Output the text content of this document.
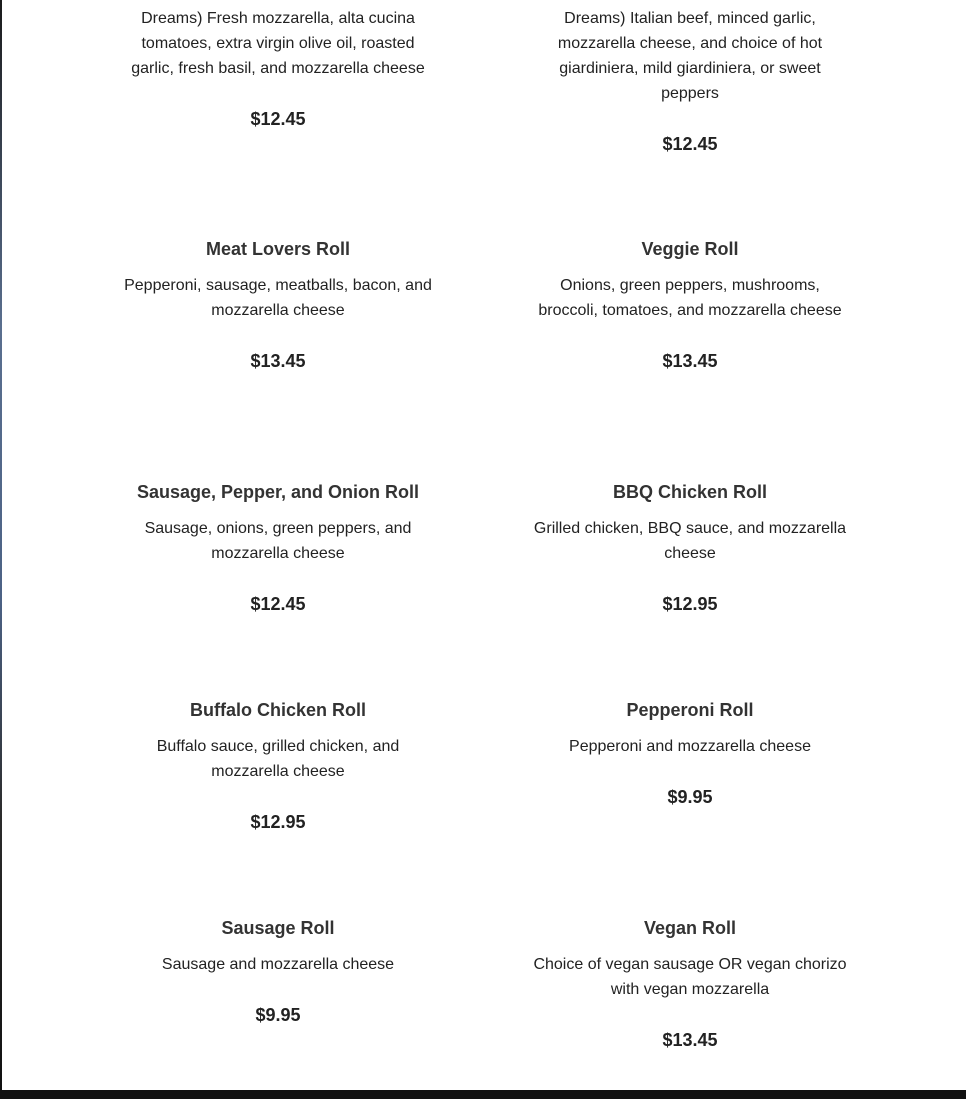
Dreams) Fresh mozzarella, alta cucina tomatoes, extra virgin olive oil, roasted garlic, fresh basil, and mozzarella cheese

$12.45

Dreams) Italian beef, minced garlic, mozzarella cheese, and choice of hot giardiniera, mild giardiniera, or sweet peppers

$12.45
Meat Lovers Roll

Pepperoni, sausage, meatballs, bacon, and mozzarella cheese

$13.45
Veggie Roll

Onions, green peppers, mushrooms, broccoli, tomatoes, and mozzarella cheese

$13.45
Sausage, Pepper, and Onion Roll

Sausage, onions, green peppers, and mozzarella cheese

$12.45
BBQ Chicken Roll

Grilled chicken, BBQ sauce, and mozzarella cheese

$12.95
Buffalo Chicken Roll

Buffalo sauce, grilled chicken, and mozzarella cheese

$12.95
Pepperoni Roll

Pepperoni and mozzarella cheese

$9.95
Sausage Roll

Sausage and mozzarella cheese

$9.95
Vegan Roll

Choice of vegan sausage OR vegan chorizo with vegan mozzarella

$13.45
